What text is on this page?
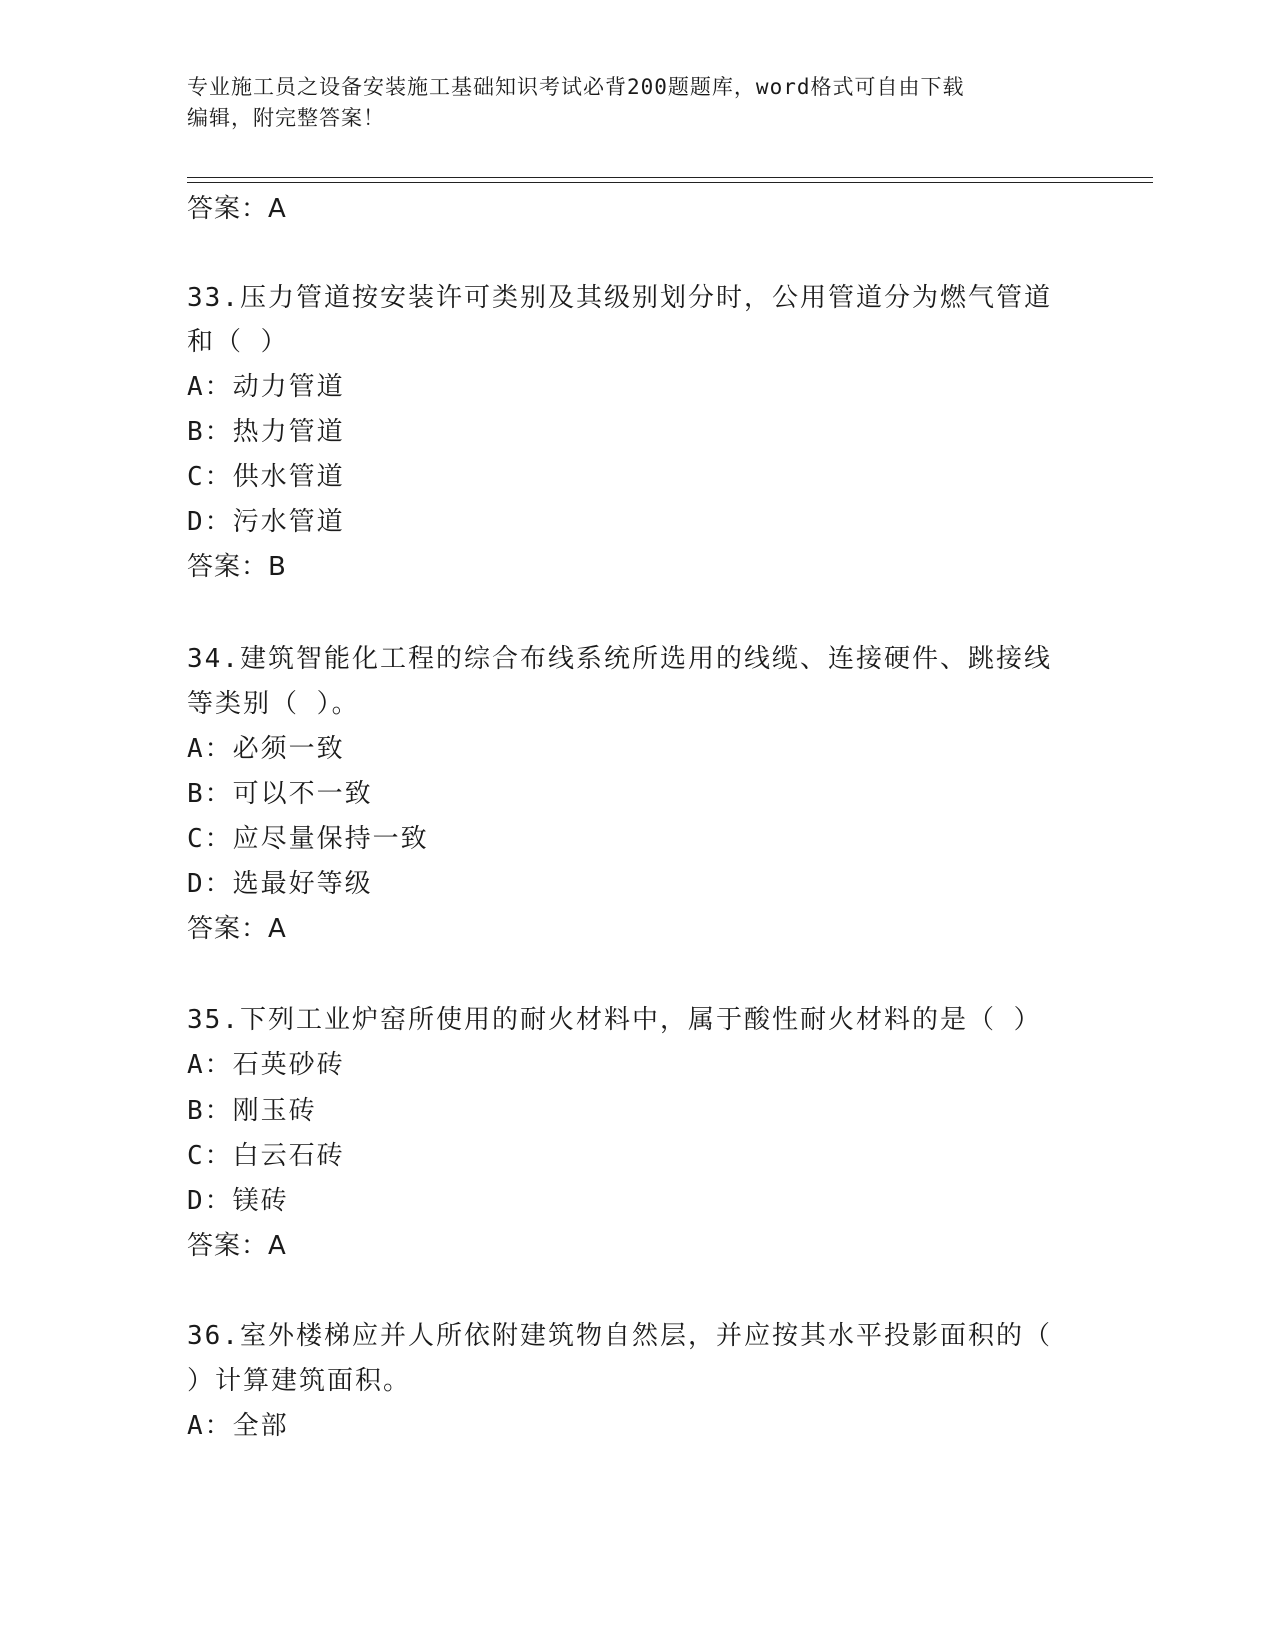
专业施工员之设备安装施工基础知识考试必背200题题库，word格式可自由下载
编辑，附完整答案！
答案：A
33.压力管道按安装许可类别及其级别划分时，公用管道分为燃气管道
和（ ）
A：动力管道
B：热力管道
C：供水管道
D：污水管道
答案：B
34.建筑智能化工程的综合布线系统所选用的线缆、连接硬件、跳接线
等类别（ ）。
A：必须一致
B：可以不一致
C：应尽量保持一致
D：选最好等级
答案：A
35.下列工业炉窑所使用的耐火材料中，属于酸性耐火材料的是（ ）
A：石英砂砖
B：刚玉砖
C：白云石砖
D：镁砖
答案：A
36.室外楼梯应并人所依附建筑物自然层，并应按其水平投影面积的（
）计算建筑面积。
A：全部
